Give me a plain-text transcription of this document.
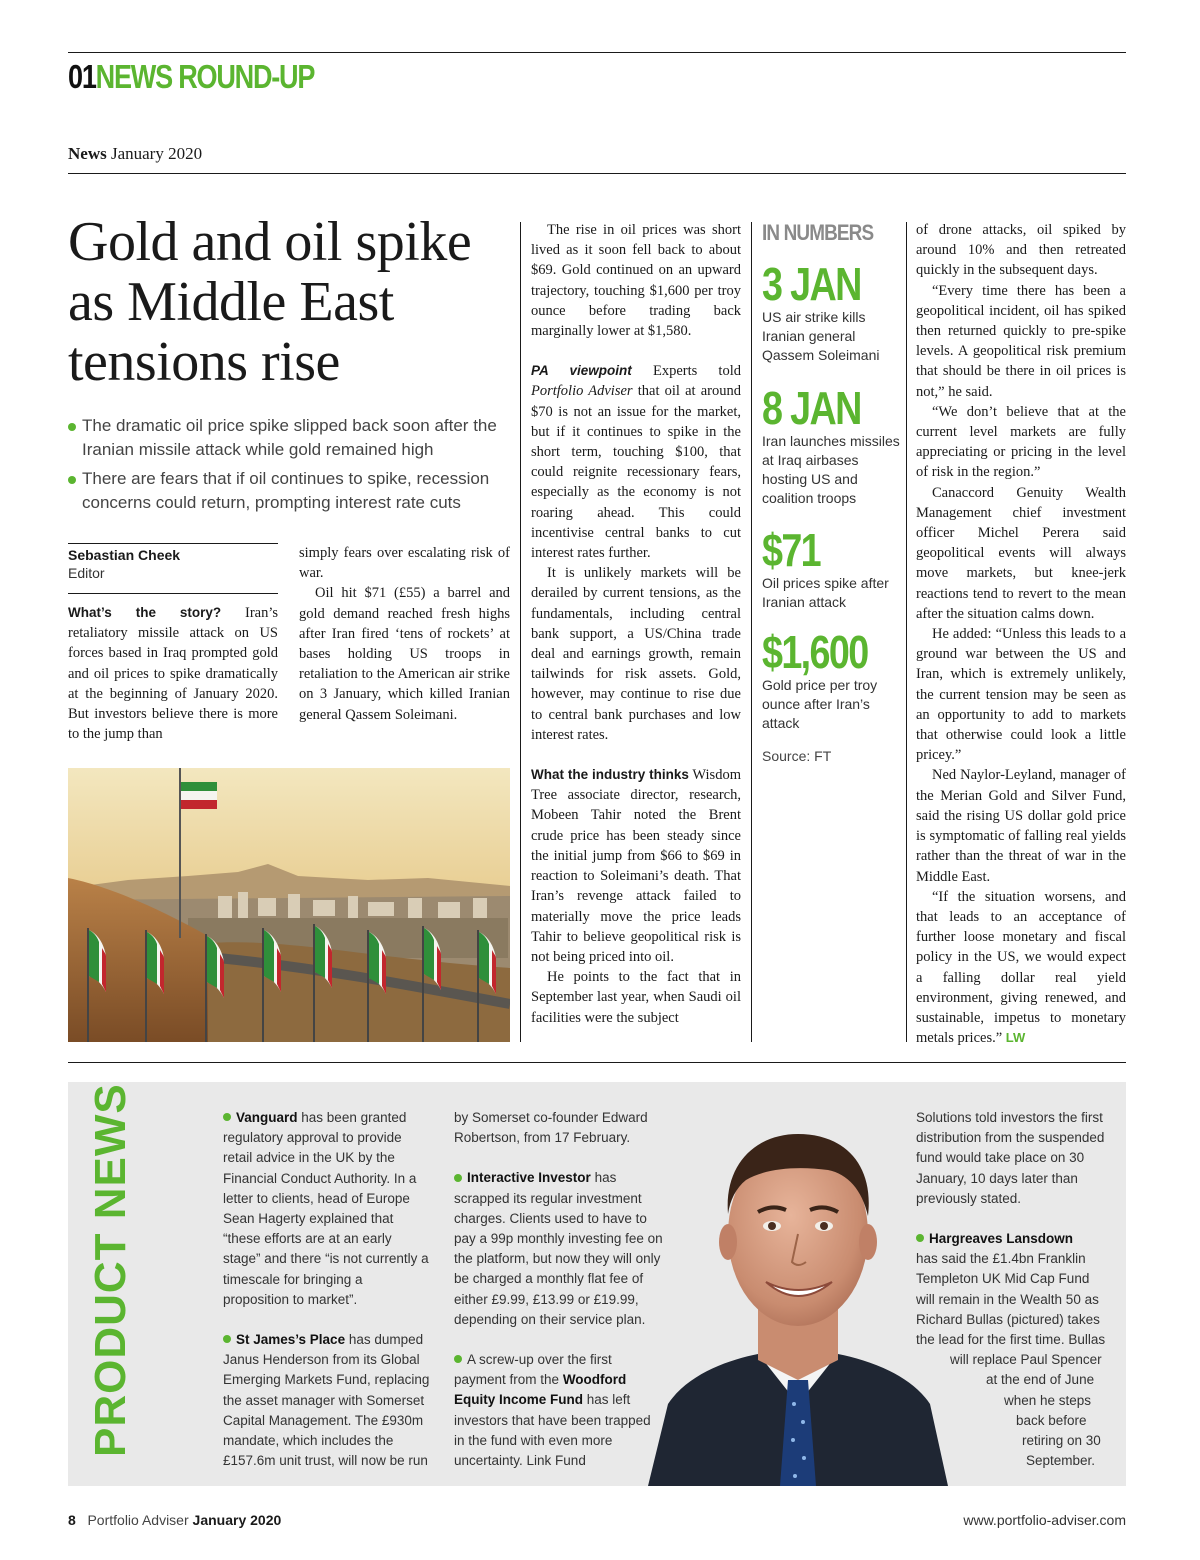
01NEWS ROUND-UP
News January 2020
Gold and oil spike as Middle East tensions rise
The dramatic oil price spike slipped back soon after the Iranian missile attack while gold remained high
There are fears that if oil continues to spike, recession concerns could return, prompting interest rate cuts
Sebastian Cheek
Editor

What’s the story? Iran’s retaliatory missile attack on US forces based in Iraq prompted gold and oil prices to spike dramatically at the beginning of January 2020. But investors believe there is more to the jump than

simply fears over escalating risk of war.

Oil hit $71 (£55) a barrel and gold demand reached fresh highs after Iran fired ‘tens of rockets’ at bases holding US troops in retaliation to the American air strike on 3 January, which killed Iranian general Qassem Soleimani.

The rise in oil prices was short lived as it soon fell back to about $69. Gold continued on an upward trajectory, touching $1,600 per troy ounce before trading back marginally lower at $1,580.

PA viewpoint Experts told Portfolio Adviser that oil at around $70 is not an issue for the market, but if it continues to spike in the short term, touching $100, that could reignite recessionary fears, especially as the economy is not roaring ahead. This could incentivise central banks to cut interest rates further.

It is unlikely markets will be derailed by current tensions, as the fundamentals, including central bank support, a US/China trade deal and earnings growth, remain tailwinds for risk assets. Gold, however, may continue to rise due to central bank purchases and low interest rates.

What the industry thinks Wisdom Tree associate director, research, Mobeen Tahir noted the Brent crude price has been steady since the initial jump from $66 to $69 in reaction to Soleimani’s death. That Iran’s revenge attack failed to materially move the price leads Tahir to believe geopolitical risk is not being priced into oil.

He points to the fact that in September last year, when Saudi oil facilities were the subject

IN NUMBERS
3 JAN
US air strike kills Iranian general Qassem Soleimani
8 JAN
Iran launches missiles at Iraq airbases hosting US and coalition troops
$71
Oil prices spike after Iranian attack
$1,600
Gold price per troy ounce after Iran’s attack
Source: FT

of drone attacks, oil spiked by around 10% and then retreated quickly in the subsequent days.

“Every time there has been a geopolitical incident, oil has spiked then returned quickly to pre-spike levels. A geopolitical risk premium that should be there in oil prices is not,” he said.

“We don’t believe that at the current level markets are fully appreciating or pricing in the level of risk in the region.”

Canaccord Genuity Wealth Management chief investment officer Michel Perera said geopolitical events will always move markets, but knee-jerk reactions tend to revert to the mean after the situation calms down.

He added: “Unless this leads to a ground war between the US and Iran, which is extremely unlikely, the current tension may be seen as an opportunity to add to markets that otherwise could look a little pricey.”

Ned Naylor-Leyland, manager of the Merian Gold and Silver Fund, said the rising US dollar gold price is symptomatic of falling real yields rather than the threat of war in the Middle East.

“If the situation worsens, and that leads to an acceptance of further loose monetary and fiscal policy in the US, we would expect a falling dollar real yield environment, giving renewed, and sustainable, impetus to monetary metals prices.” LW

PRODUCT NEWS	Vanguard has been granted regulatory approval to provide retail advice in the UK by the Financial Conduct Authority. In a letter to clients, head of Europe Sean Hagerty explained that “these efforts are at an early stage” and there “is not currently a timescale for bringing a proposition to market”.

St James’s Place has dumped Janus Henderson from its Global Emerging Markets Fund, replacing the asset manager with Somerset Capital Management. The £930m mandate, which includes the £157.6m unit trust, will now be run

by Somerset co-founder Edward Robertson, from 17 February.

Interactive Investor has scrapped its regular investment charges. Clients used to have to pay a 99p monthly investing fee on the platform, but now they will only be charged a monthly flat fee of either £9.99, £13.99 or £19.99, depending on their service plan.

A screw-up over the first payment from the Woodford Equity Income Fund has left investors that have been trapped in the fund with even more uncertainty. Link Fund

Solutions told investors the first distribution from the suspended fund would take place on 30 January, 10 days later than previously stated.

Hargreaves Lansdown

has said the £1.4bn Franklin
Templeton UK Mid Cap Fund
will remain in the Wealth 50 as
Richard Bullas (pictured) takes
the lead for the first time. Bullas
will replace Paul Spencer
at the end of June
when he steps
back before
retiring on 30
September.
8 Portfolio Adviser January 2020	www.portfolio-adviser.com
